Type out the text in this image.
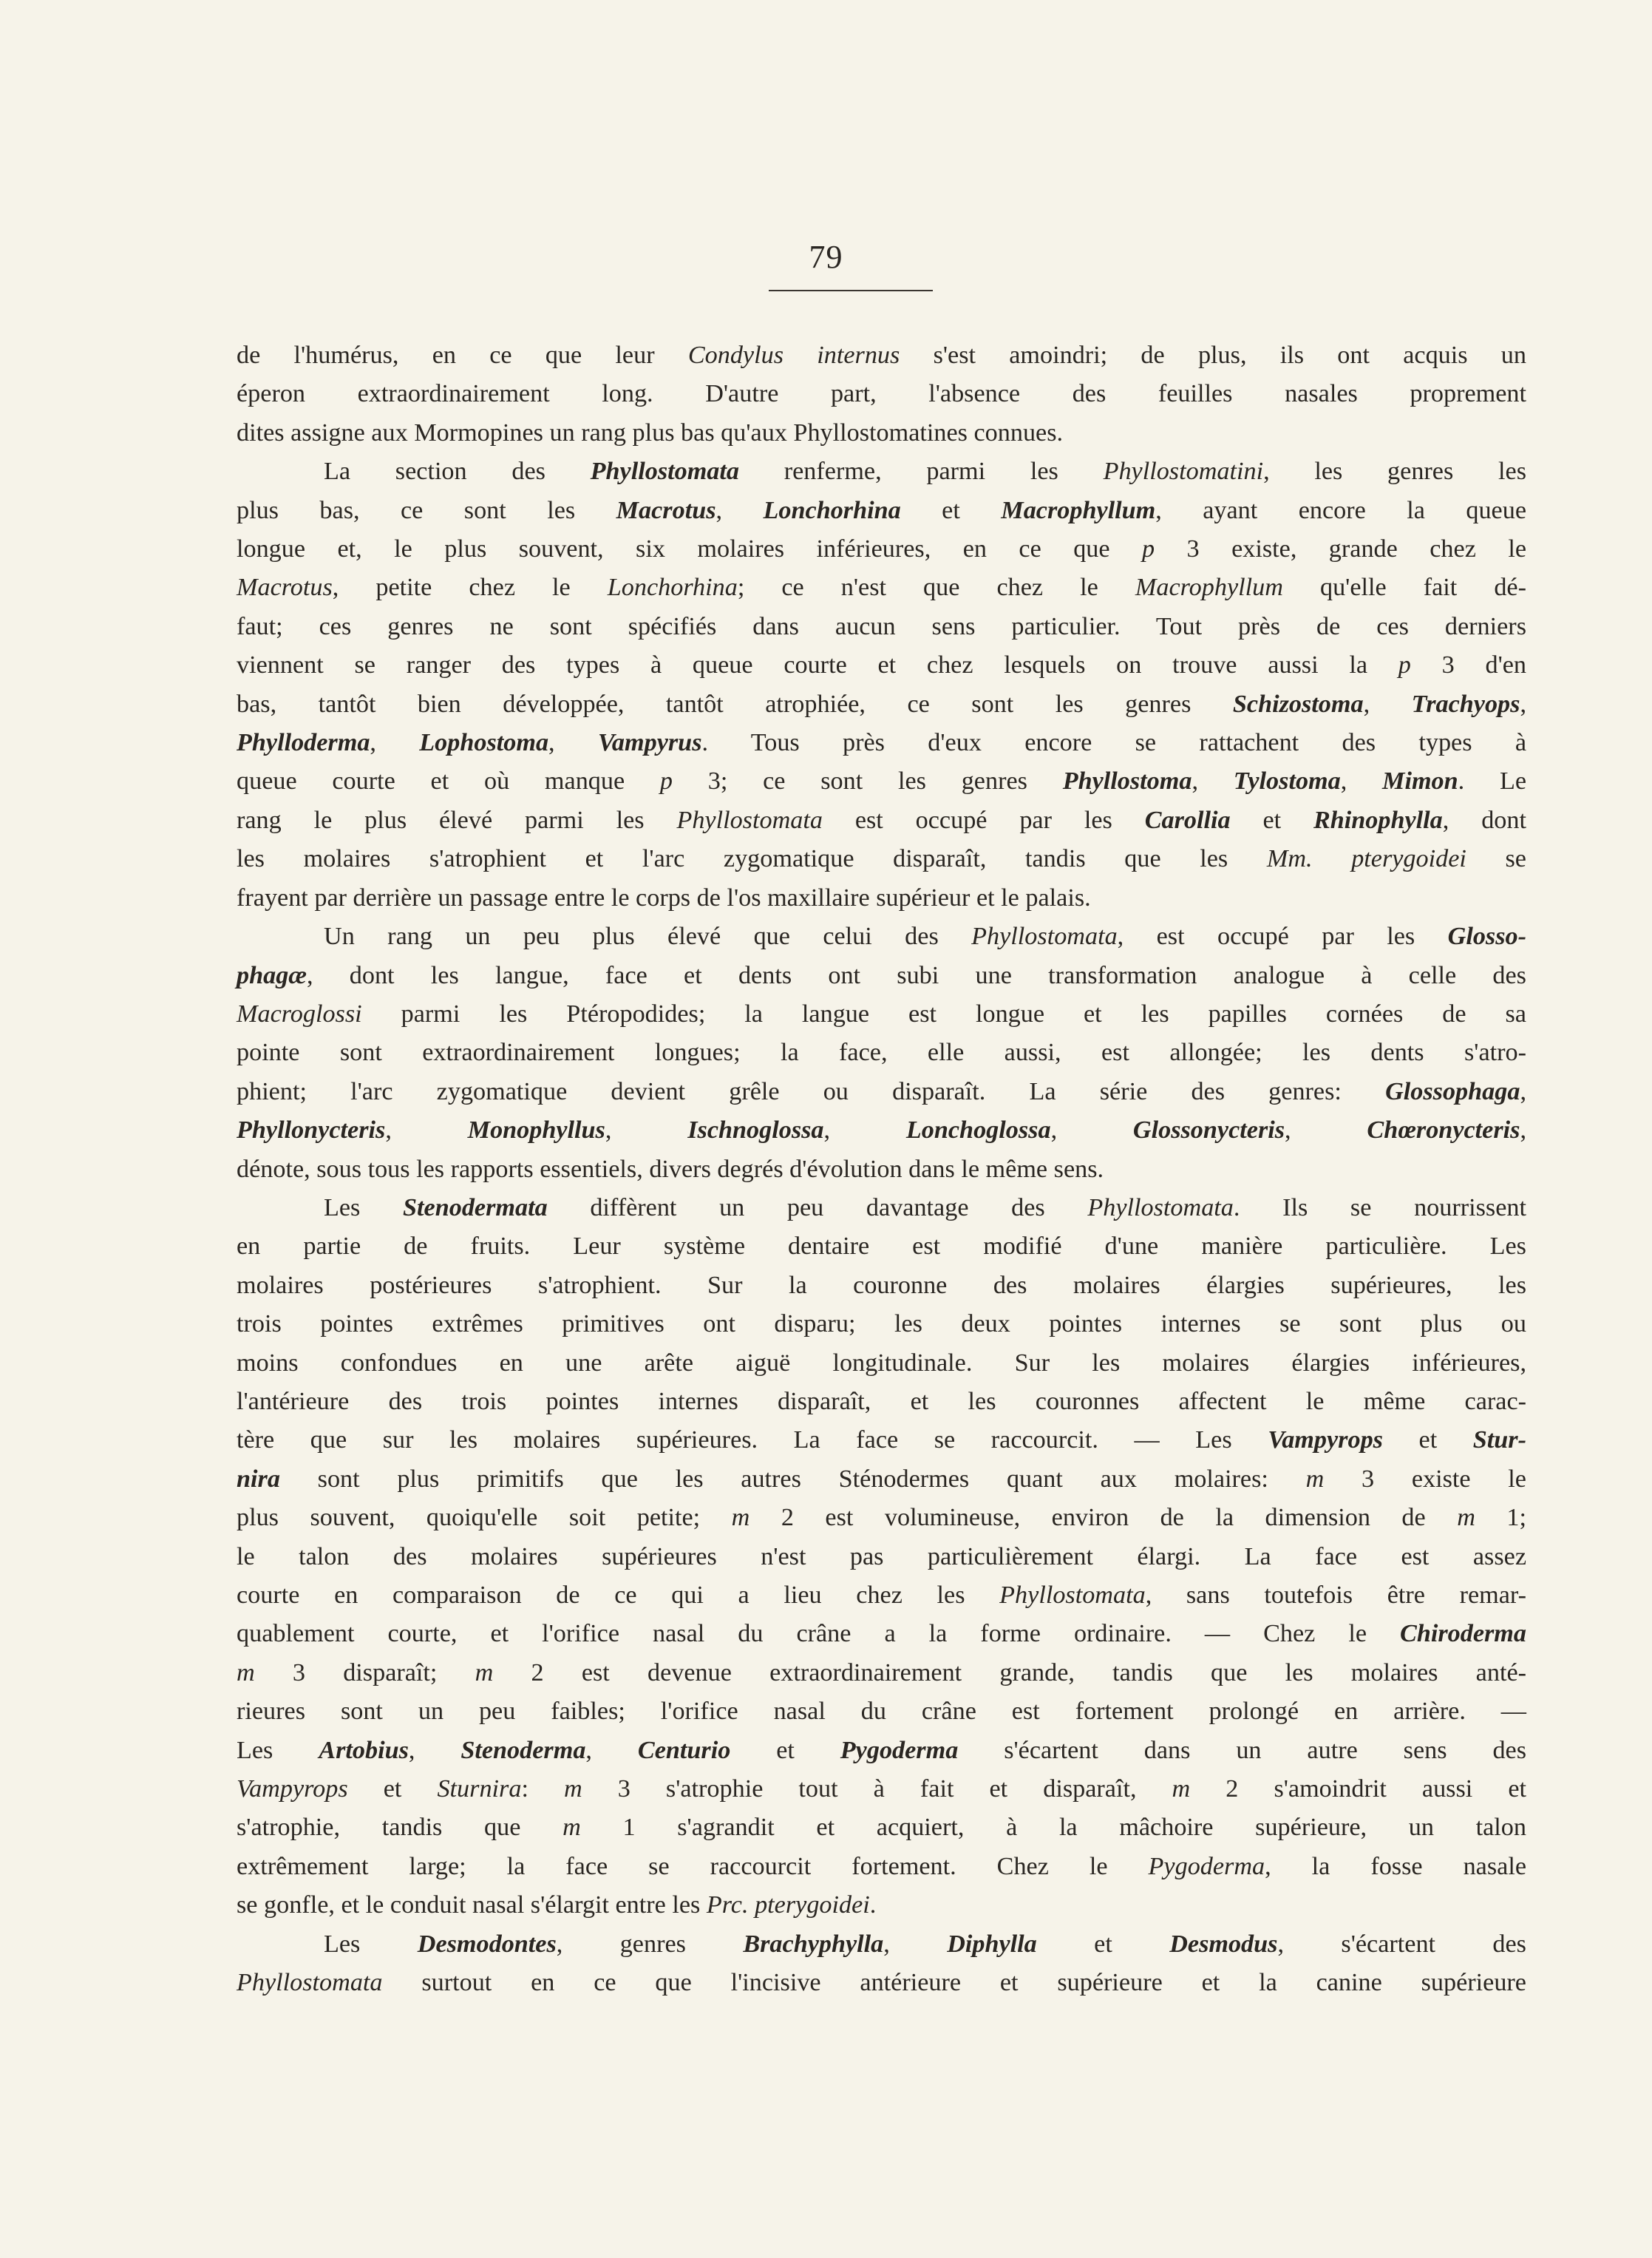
79
de l'humérus, en ce que leur Condylus internus s'est amoindri; de plus, ils ont acquis un
éperon extraordinairement long. D'autre part, l'absence des feuilles nasales proprement
dites assigne aux Mormopines un rang plus bas qu'aux Phyllostomatines connues.
La section des Phyllostomata renferme, parmi les Phyllostomatini, les genres les
plus bas, ce sont les Macrotus, Lonchorhina et Macrophyllum, ayant encore la queue
longue et, le plus souvent, six molaires inférieures, en ce que p 3 existe, grande chez le
Macrotus, petite chez le Lonchorhina; ce n'est que chez le Macrophyllum qu'elle fait dé-
faut; ces genres ne sont spécifiés dans aucun sens particulier. Tout près de ces derniers
viennent se ranger des types à queue courte et chez lesquels on trouve aussi la p 3 d'en
bas, tantôt bien développée, tantôt atrophiée, ce sont les genres Schizostoma, Trachyops,
Phylloderma, Lophostoma, Vampyrus. Tous près d'eux encore se rattachent des types à
queue courte et où manque p 3; ce sont les genres Phyllostoma, Tylostoma, Mimon. Le
rang le plus élevé parmi les Phyllostomata est occupé par les Carollia et Rhinophylla, dont
les molaires s'atrophient et l'arc zygomatique disparaît, tandis que les Mm. pterygoidei se
frayent par derrière un passage entre le corps de l'os maxillaire supérieur et le palais.
Un rang un peu plus élevé que celui des Phyllostomata, est occupé par les Glosso-
phagæ, dont les langue, face et dents ont subi une transformation analogue à celle des
Macroglossi parmi les Ptéropodides; la langue est longue et les papilles cornées de sa
pointe sont extraordinairement longues; la face, elle aussi, est allongée; les dents s'atro-
phient; l'arc zygomatique devient grêle ou disparaît. La série des genres: Glossophaga,
Phyllonycteris, Monophyllus, Ischnoglossa, Lonchoglossa, Glossonycteris, Chœronycteris,
dénote, sous tous les rapports essentiels, divers degrés d'évolution dans le même sens.
Les Stenodermata diffèrent un peu davantage des Phyllostomata. Ils se nourrissent
en partie de fruits. Leur système dentaire est modifié d'une manière particulière. Les
molaires postérieures s'atrophient. Sur la couronne des molaires élargies supérieures, les
trois pointes extrêmes primitives ont disparu; les deux pointes internes se sont plus ou
moins confondues en une arête aiguë longitudinale. Sur les molaires élargies inférieures,
l'antérieure des trois pointes internes disparaît, et les couronnes affectent le même carac-
tère que sur les molaires supérieures. La face se raccourcit. — Les Vampyrops et Stur-
nira sont plus primitifs que les autres Sténodermes quant aux molaires: m 3 existe le
plus souvent, quoiqu'elle soit petite; m 2 est volumineuse, environ de la dimension de m 1;
le talon des molaires supérieures n'est pas particulièrement élargi. La face est assez
courte en comparaison de ce qui a lieu chez les Phyllostomata, sans toutefois être remar-
quablement courte, et l'orifice nasal du crâne a la forme ordinaire. — Chez le Chiroderma
m 3 disparaît; m 2 est devenue extraordinairement grande, tandis que les molaires anté-
rieures sont un peu faibles; l'orifice nasal du crâne est fortement prolongé en arrière. —
Les Artobius, Stenoderma, Centurio et Pygoderma s'écartent dans un autre sens des
Vampyrops et Sturnira: m 3 s'atrophie tout à fait et disparaît, m 2 s'amoindrit aussi et
s'atrophie, tandis que m 1 s'agrandit et acquiert, à la mâchoire supérieure, un talon
extrêmement large; la face se raccourcit fortement. Chez le Pygoderma, la fosse nasale
se gonfle, et le conduit nasal s'élargit entre les Prc. pterygoidei.
Les Desmodontes, genres Brachyphylla, Diphylla et Desmodus, s'écartent des
Phyllostomata surtout en ce que l'incisive antérieure et supérieure et la canine supérieure
